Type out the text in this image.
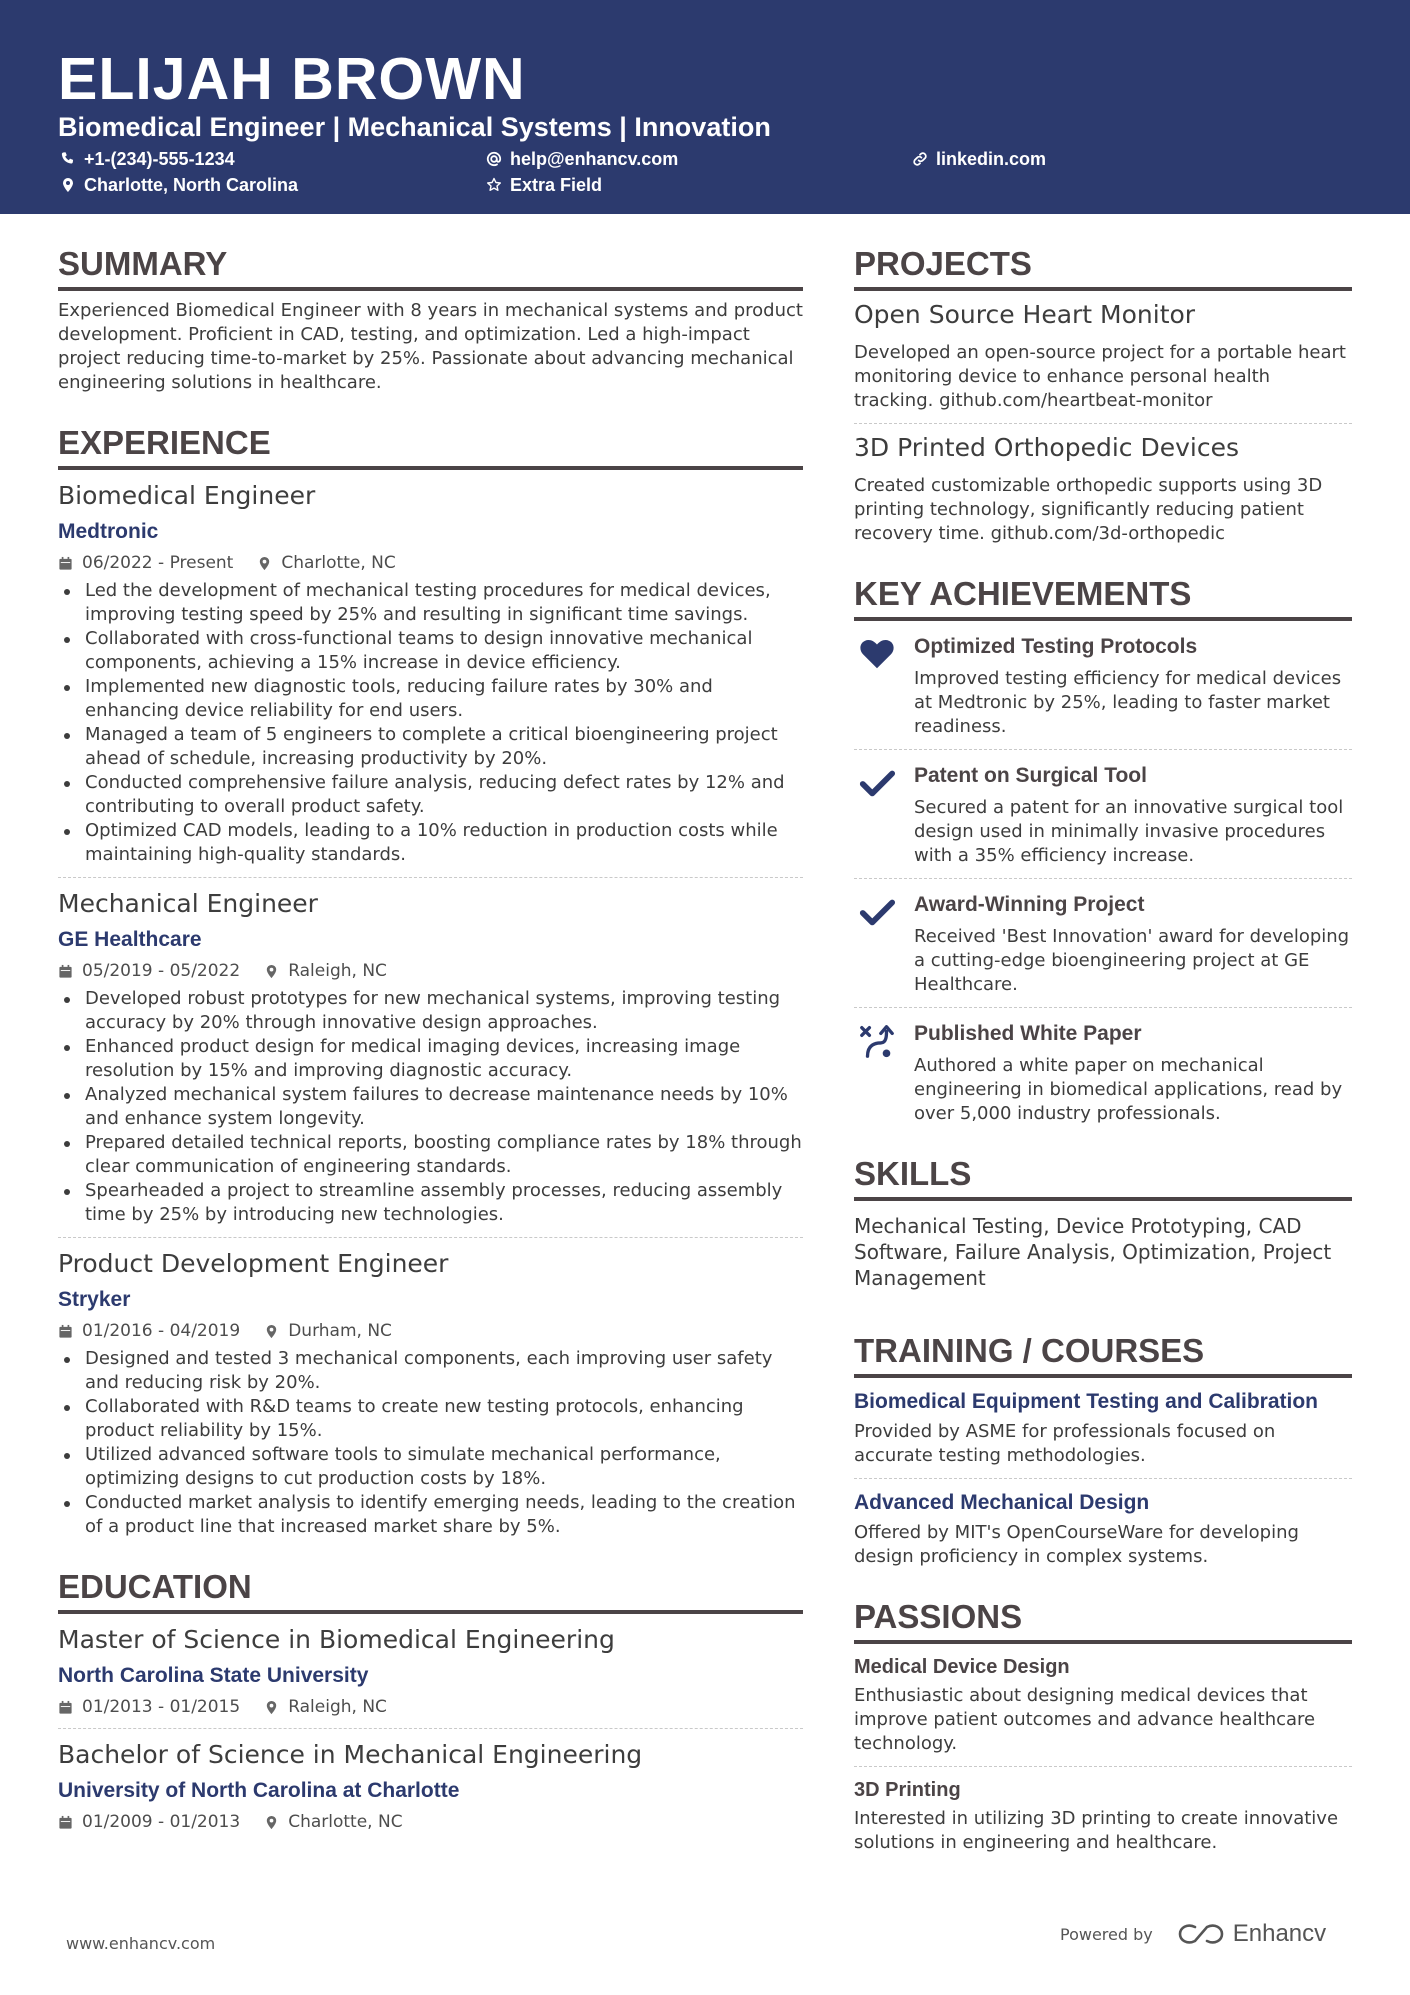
ELIJAH BROWN
Biomedical Engineer | Mechanical Systems | Innovation
+1-(234)-555-1234	help@enhancv.com	linkedin.com
Charlotte, North Carolina	Extra Field
SUMMARY
Experienced Biomedical Engineer with 8 years in mechanical systems and product development. Proficient in CAD, testing, and optimization. Led a high-impact project reducing time-to-market by 25%. Passionate about advancing mechanical engineering solutions in healthcare.
EXPERIENCE
Biomedical Engineer
Medtronic
06/2022 - Present	Charlotte, NC
Led the development of mechanical testing procedures for medical devices, improving testing speed by 25% and resulting in significant time savings.
Collaborated with cross-functional teams to design innovative mechanical components, achieving a 15% increase in device efficiency.
Implemented new diagnostic tools, reducing failure rates by 30% and enhancing device reliability for end users.
Managed a team of 5 engineers to complete a critical bioengineering project ahead of schedule, increasing productivity by 20%.
Conducted comprehensive failure analysis, reducing defect rates by 12% and contributing to overall product safety.
Optimized CAD models, leading to a 10% reduction in production costs while maintaining high-quality standards.
Mechanical Engineer
GE Healthcare
05/2019 - 05/2022	Raleigh, NC
Developed robust prototypes for new mechanical systems, improving testing accuracy by 20% through innovative design approaches.
Enhanced product design for medical imaging devices, increasing image resolution by 15% and improving diagnostic accuracy.
Analyzed mechanical system failures to decrease maintenance needs by 10% and enhance system longevity.
Prepared detailed technical reports, boosting compliance rates by 18% through clear communication of engineering standards.
Spearheaded a project to streamline assembly processes, reducing assembly time by 25% by introducing new technologies.
Product Development Engineer
Stryker
01/2016 - 04/2019	Durham, NC
Designed and tested 3 mechanical components, each improving user safety and reducing risk by 20%.
Collaborated with R&D teams to create new testing protocols, enhancing product reliability by 15%.
Utilized advanced software tools to simulate mechanical performance, optimizing designs to cut production costs by 18%.
Conducted market analysis to identify emerging needs, leading to the creation of a product line that increased market share by 5%.
EDUCATION
Master of Science in Biomedical Engineering
North Carolina State University
01/2013 - 01/2015	Raleigh, NC
Bachelor of Science in Mechanical Engineering
University of North Carolina at Charlotte
01/2009 - 01/2013	Charlotte, NC
PROJECTS
Open Source Heart Monitor
Developed an open-source project for a portable heart monitoring device to enhance personal health tracking. github.com/heartbeat-monitor
3D Printed Orthopedic Devices
Created customizable orthopedic supports using 3D printing technology, significantly reducing patient recovery time. github.com/3d-orthopedic
KEY ACHIEVEMENTS
Optimized Testing Protocols
Improved testing efficiency for medical devices at Medtronic by 25%, leading to faster market readiness.
Patent on Surgical Tool
Secured a patent for an innovative surgical tool design used in minimally invasive procedures with a 35% efficiency increase.
Award-Winning Project
Received 'Best Innovation' award for developing a cutting-edge bioengineering project at GE Healthcare.
Published White Paper
Authored a white paper on mechanical engineering in biomedical applications, read by over 5,000 industry professionals.
SKILLS
Mechanical Testing, Device Prototyping, CAD Software, Failure Analysis, Optimization, Project Management
TRAINING / COURSES
Biomedical Equipment Testing and Calibration
Provided by ASME for professionals focused on accurate testing methodologies.
Advanced Mechanical Design
Offered by MIT's OpenCourseWare for developing design proficiency in complex systems.
PASSIONS
Medical Device Design
Enthusiastic about designing medical devices that improve patient outcomes and advance healthcare technology.
3D Printing
Interested in utilizing 3D printing to create innovative solutions in engineering and healthcare.
www.enhancv.com	Powered by	Enhancv
